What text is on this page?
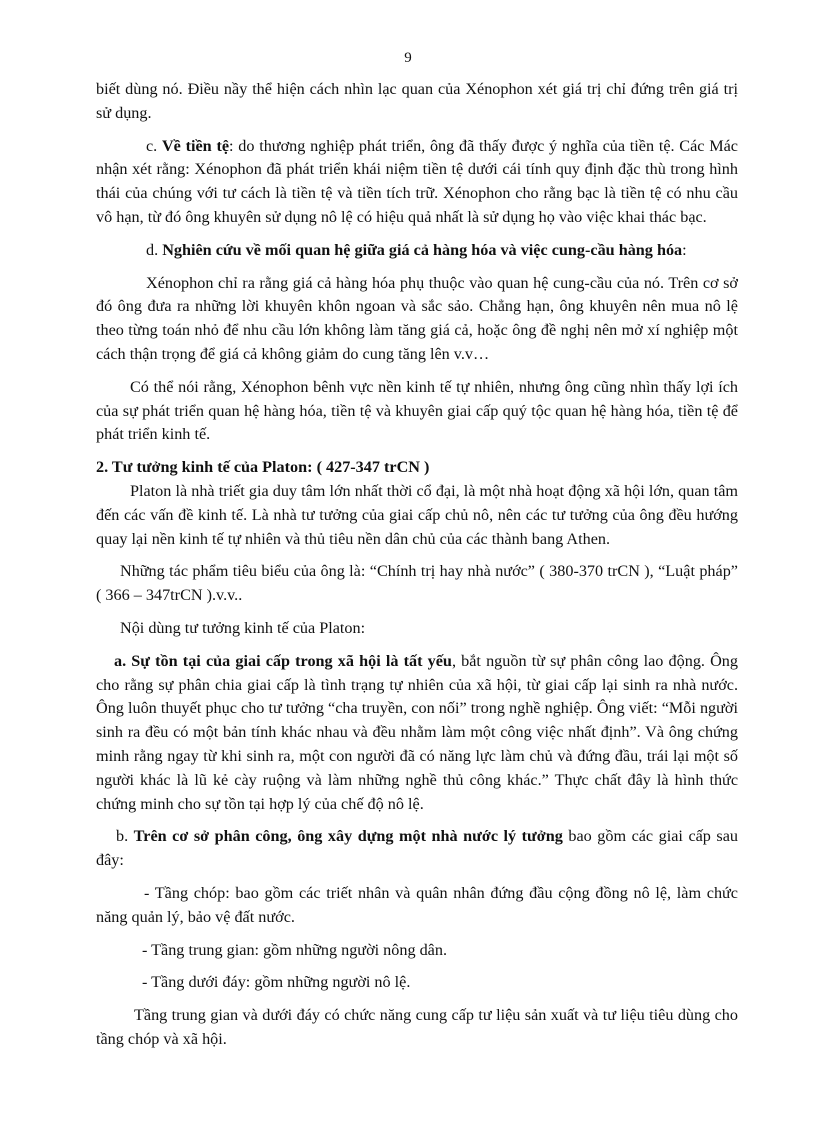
9

biết dùng nó. Điều nầy thể hiện cách nhìn lạc quan của Xénophon xét giá trị chỉ đứng trên giá trị sử dụng.

c. Về tiền tệ: do thương nghiệp phát triển, ông đã thấy được ý nghĩa của tiền tệ. Các Mác nhận xét rằng: Xénophon đã phát triển khái niệm tiền tệ dưới cái tính quy định đặc thù trong hình thái của chúng với tư cách là tiền tệ và tiền tích trữ. Xénophon cho rằng bạc là tiền tệ có nhu cầu vô hạn, từ đó ông khuyên sử dụng nô lệ có hiệu quả nhất là sử dụng họ vào việc khai thác bạc.

d. Nghiên cứu về mối quan hệ giữa giá cả hàng hóa và việc cung-cầu hàng hóa:

Xénophon chỉ ra rằng giá cả hàng hóa phụ thuộc vào quan hệ cung-cầu của nó. Trên cơ sở đó ông đưa ra những lời khuyên khôn ngoan và sắc sảo. Chẳng hạn, ông khuyên nên mua nô lệ theo từng toán nhỏ để nhu cầu lớn không làm tăng giá cả, hoặc ông đề nghị nên mở xí nghiệp một cách thận trọng để giá cả không giảm do cung tăng lên v.v…

Có thể nói rằng, Xénophon bênh vực nền kinh tế tự nhiên, nhưng ông cũng nhìn thấy lợi ích của sự phát triển quan hệ hàng hóa, tiền tệ và khuyên giai cấp quý tộc quan hệ hàng hóa, tiền tệ để phát triển kinh tế.

2. Tư tưởng kinh tế của Platon: ( 427-347 trCN )

Platon là nhà triết gia duy tâm lớn nhất thời cổ đại, là một nhà hoạt động xã hội lớn, quan tâm đến các vấn đề kinh tế. Là nhà tư tưởng của giai cấp chủ nô, nên các tư tưởng của ông đều hướng quay lại nền kinh tế tự nhiên và thủ tiêu nền dân chủ của các thành bang Athen.

Những tác phẩm tiêu biểu của ông là: “Chính trị hay nhà nước” ( 380-370 trCN ), “Luật pháp” ( 366 – 347trCN ).v.v..

Nội dùng tư tưởng kinh tế của Platon:

a. Sự tồn tại của giai cấp trong xã hội là tất yếu, bắt nguồn từ sự phân công lao động. Ông cho rằng sự phân chia giai cấp là tình trạng tự nhiên của xã hội, từ giai cấp lại sinh ra nhà nước. Ông luôn thuyết phục cho tư tưởng “cha truyền, con nối” trong nghề nghiệp. Ông viết: “Mỗi người sinh ra đều có một bản tính khác nhau và đều nhằm làm một công việc nhất định”. Và ông chứng minh rằng ngay từ khi sinh ra, một con người đã có năng lực làm chủ và đứng đầu, trái lại một số người khác là lũ kẻ cày ruộng và làm những nghề thủ công khác.” Thực chất đây là hình thức chứng minh cho sự tồn tại hợp lý của chế độ nô lệ.

b. Trên cơ sở phân công, ông xây dựng một nhà nước lý tưởng bao gồm các giai cấp sau đây:

- Tầng chóp: bao gồm các triết nhân và quân nhân đứng đầu cộng đồng nô lệ, làm chức năng quản lý, bảo vệ đất nước.

- Tầng trung gian: gồm những người nông dân.

- Tầng dưới đáy: gồm những người nô lệ.

Tầng trung gian và dưới đáy có chức năng cung cấp tư liệu sản xuất và tư liệu tiêu dùng cho tầng chóp và xã hội.
